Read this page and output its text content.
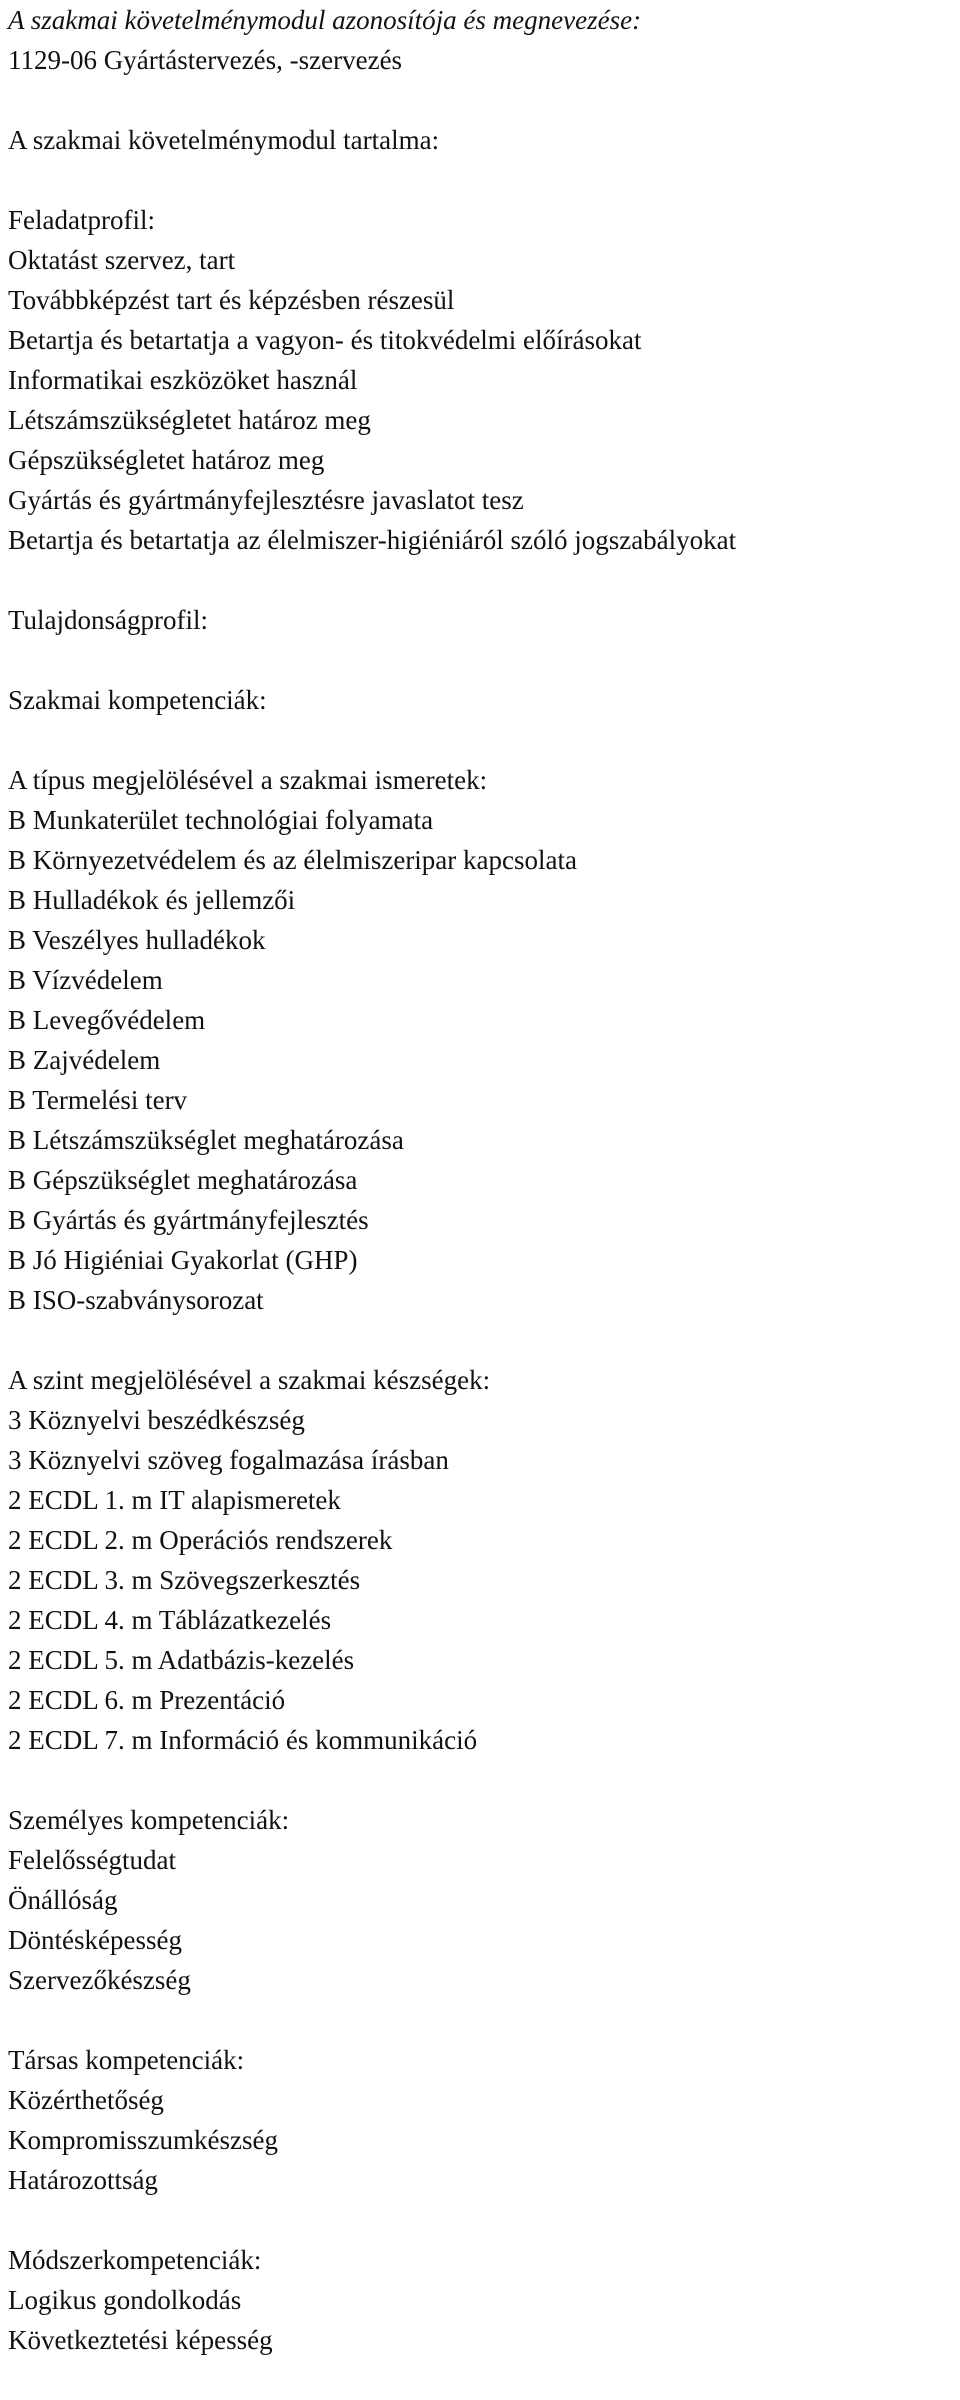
A szakmai követelménymodul azonosítója és megnevezése:
1129-06 Gyártástervezés, -szervezés
A szakmai követelménymodul tartalma:
Feladatprofil:
Oktatást szervez, tart
Továbbképzést tart és képzésben részesül
Betartja és betartatja a vagyon- és titokvédelmi előírásokat
Informatikai eszközöket használ
Létszámszükségletet határoz meg
Gépszükségletet határoz meg
Gyártás és gyártmányfejlesztésre javaslatot tesz
Betartja és betartatja az élelmiszer-higiéniáról szóló jogszabályokat
Tulajdonságprofil:
Szakmai kompetenciák:
A típus megjelölésével a szakmai ismeretek:
B Munkaterület technológiai folyamata
B Környezetvédelem és az élelmiszeripar kapcsolata
B Hulladékok és jellemzői
B Veszélyes hulladékok
B Vízvédelem
B Levegővédelem
B Zajvédelem
B Termelési terv
B Létszámszükséglet meghatározása
B Gépszükséglet meghatározása
B Gyártás és gyártmányfejlesztés
B Jó Higiéniai Gyakorlat (GHP)
B ISO-szabványsorozat
A szint megjelölésével a szakmai készségek:
3 Köznyelvi beszédkészség
3 Köznyelvi szöveg fogalmazása írásban
2 ECDL 1. m IT alapismeretek
2 ECDL 2. m Operációs rendszerek
2 ECDL 3. m Szövegszerkesztés
2 ECDL 4. m Táblázatkezelés
2 ECDL 5. m Adatbázis-kezelés
2 ECDL 6. m Prezentáció
2 ECDL 7. m Információ és kommunikáció
Személyes kompetenciák:
Felelősségtudat
Önállóság
Döntésképesség
Szervezőkészség
Társas kompetenciák:
Közérthetőség
Kompromisszumkészség
Határozottság
Módszerkompetenciák:
Logikus gondolkodás
Következtetési képesség
